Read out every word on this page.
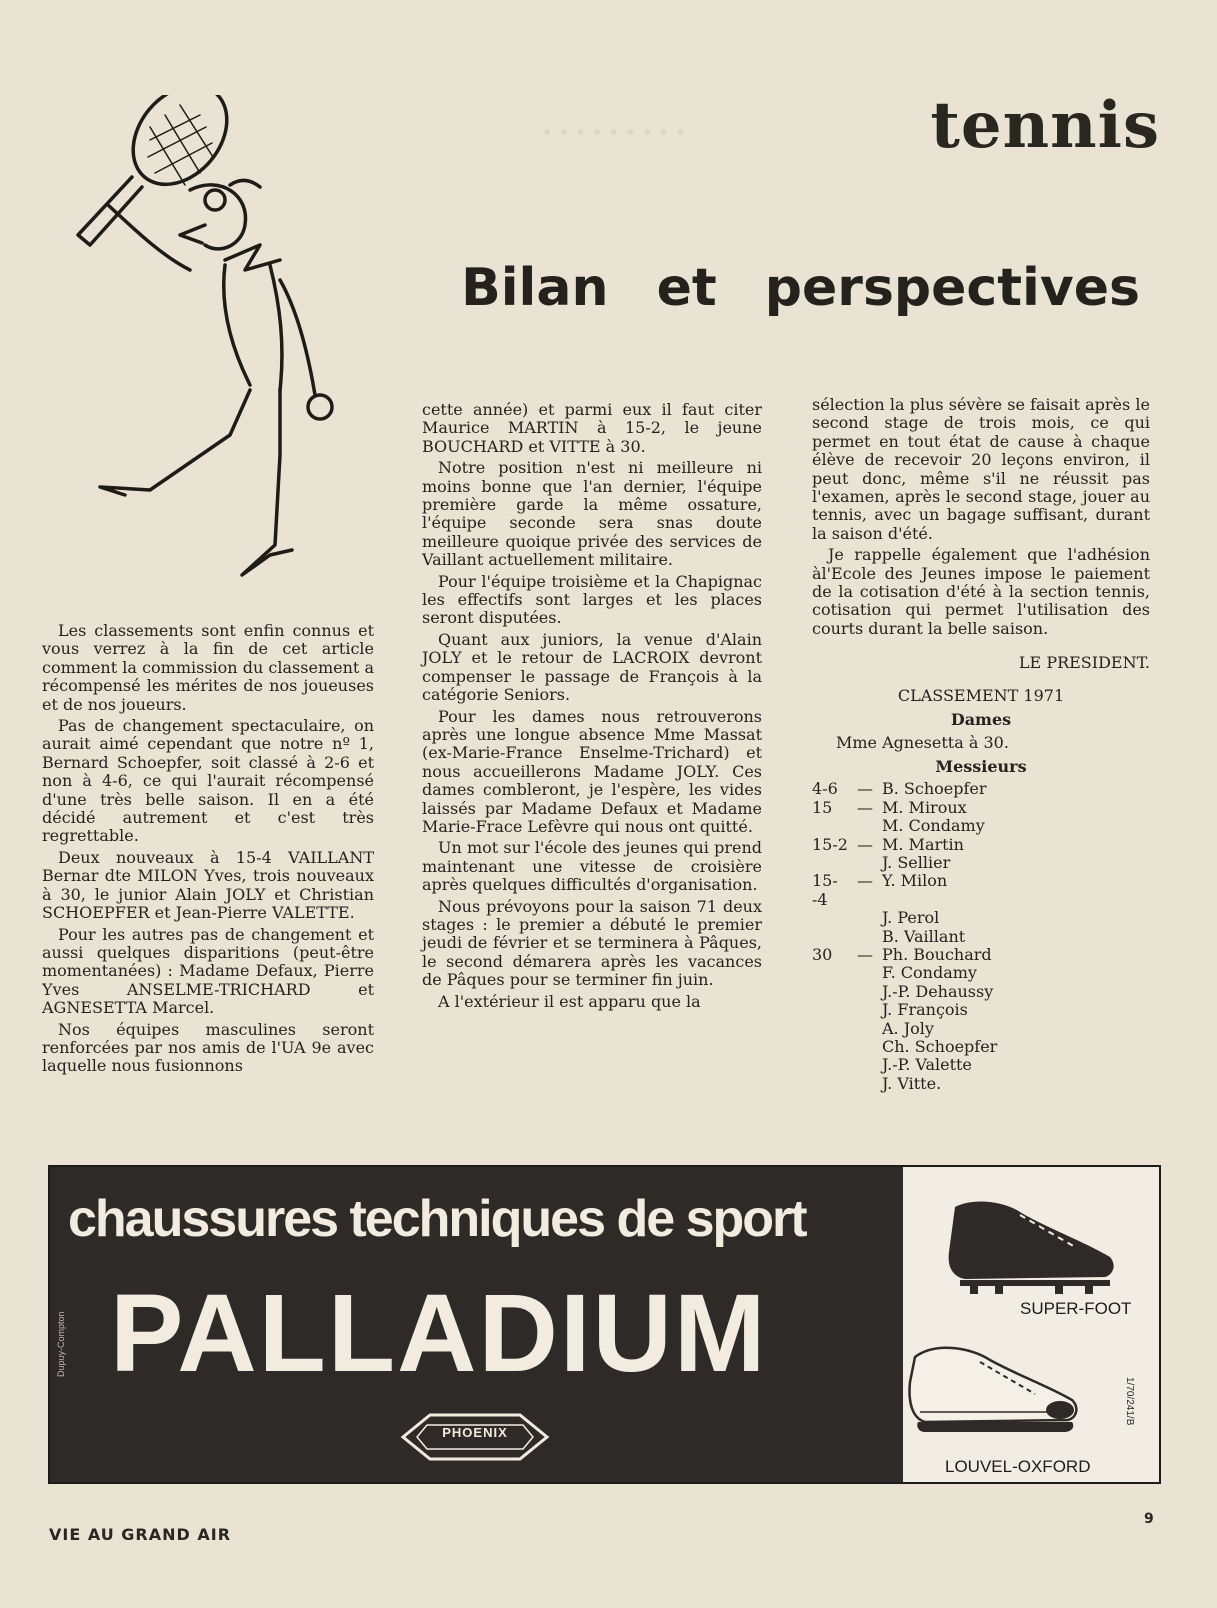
·········	tennis
Bilan et perspectives

Les classements sont enfin connus et vous verrez à la fin de cet article comment la commission du classement a récompensé les mérites de nos joueuses et de nos joueurs.

Pas de changement spectaculaire, on aurait aimé cependant que notre nº 1, Bernard Schoepfer, soit classé à 2-6 et non à 4-6, ce qui l'aurait récompensé d'une très belle saison. Il en a été décidé autrement et c'est très regrettable.

Deux nouveaux à 15-4 VAILLANT Bernar dte MILON Yves, trois nouveaux à 30, le junior Alain JOLY et Christian SCHOEPFER et Jean-Pierre VALETTE.

Pour les autres pas de changement et aussi quelques disparitions (peut-être momentanées) : Madame Defaux, Pierre Yves ANSELME-TRICHARD et AGNESETTA Marcel.

Nos équipes masculines seront renforcées par nos amis de l'UA 9e avec laquelle nous fusionnons

cette année) et parmi eux il faut citer Maurice MARTIN à 15-2, le jeune BOUCHARD et VITTE à 30.

Notre position n'est ni meilleure ni moins bonne que l'an dernier, l'équipe première garde la même ossature, l'équipe seconde sera snas doute meilleure quoique privée des services de Vaillant actuellement militaire.

Pour l'équipe troisième et la Chapignac les effectifs sont larges et les places seront disputées.

Quant aux juniors, la venue d'Alain JOLY et le retour de LACROIX devront compenser le passage de François à la catégorie Seniors.

Pour les dames nous retrouverons après une longue absence Mme Massat (ex-Marie-France Enselme-Trichard) et nous accueillerons Madame JOLY. Ces dames combleront, je l'espère, les vides laissés par Madame Defaux et Madame Marie-Frace Lefèvre qui nous ont quitté.

Un mot sur l'école des jeunes qui prend maintenant une vitesse de croisière après quelques difficultés d'organisation.

Nous prévoyons pour la saison 71 deux stages : le premier a débuté le premier jeudi de février et se terminera à Pâques, le second démarera après les vacances de Pâques pour se terminer fin juin.

A l'extérieur il est apparu que la

sélection la plus sévère se faisait après le second stage de trois mois, ce qui permet en tout état de cause à chaque élève de recevoir 20 leçons environ, il peut donc, même s'il ne réussit pas l'examen, après le second stage, jouer au tennis, avec un bagage suffisant, durant la saison d'été.

Je rappelle également que l'adhésion àl'Ecole des Jeunes impose le paiement de la cotisation d'été à la section tennis, cotisation qui permet l'utilisation des courts durant la belle saison.

LE PRESIDENT.

CLASSEMENT 1971

Dames

Mme Agnesetta à 30.

Messieurs

4-6	—	B. Schoepfer
15	—	M. Miroux
		M. Condamy
15-2	—	M. Martin
		J. Sellier
15--4	—	Y. Milon
		J. Perol
		B. Vaillant
30	—	Ph. Bouchard
		F. Condamy
		J.-P. Dehaussy
		J. François
		A. Joly
		Ch. Schoepfer
		J.-P. Valette
		J. Vitte.
chaussures techniques de sport
PALLADIUM
PHOENIX
Dupuy-Compton
SUPER-FOOT
LOUVEL-OXFORD
1/70/241/B
VIE AU GRAND AIR
9
